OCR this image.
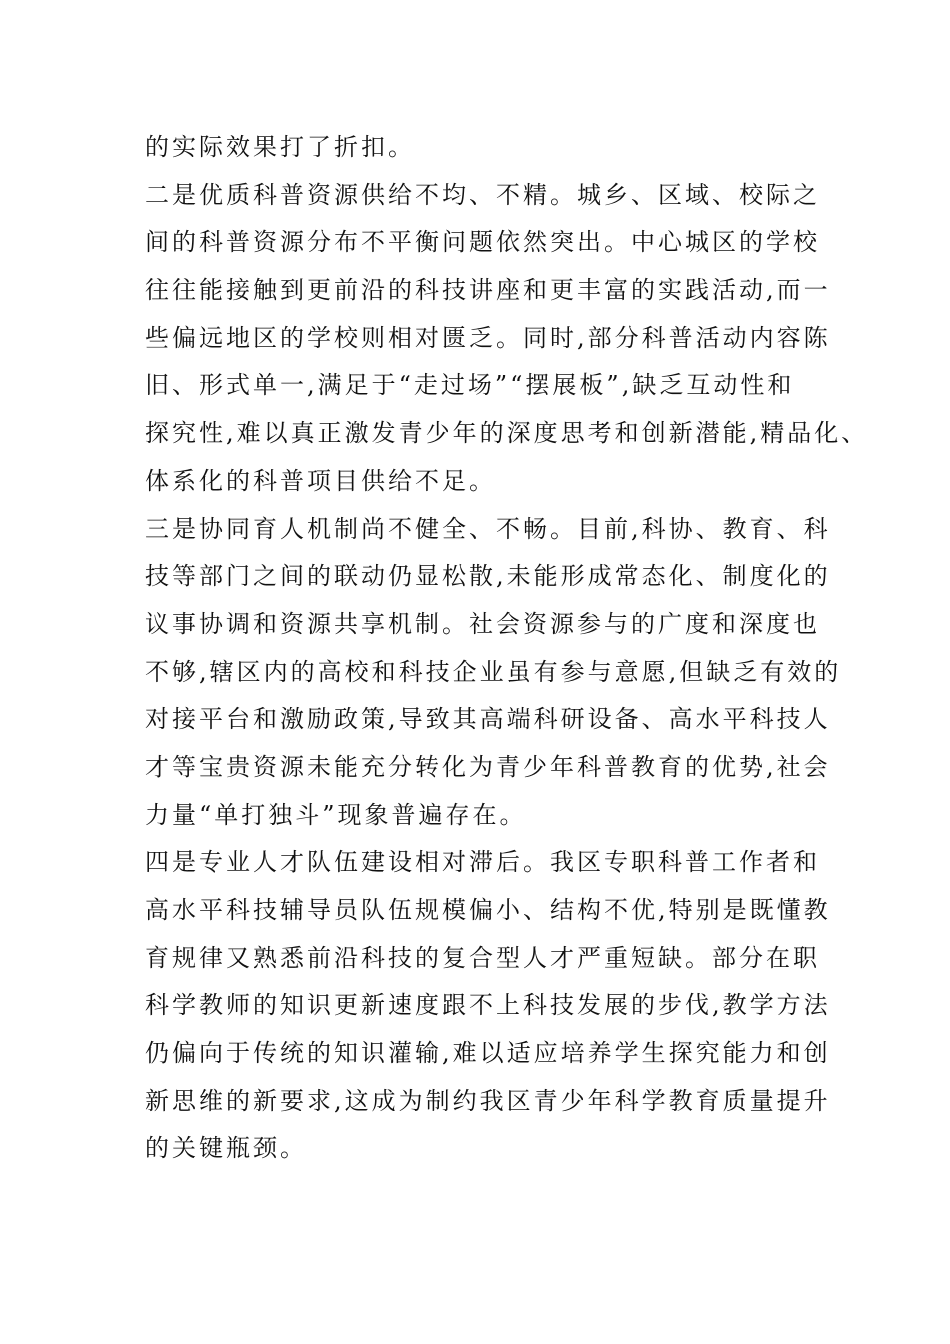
的实际效果打了折扣。
二是优质科普资源供给不均、不精。城乡、区域、校际之
间的科普资源分布不平衡问题依然突出。中心城区的学校
往往能接触到更前沿的科技讲座和更丰富的实践活动,而一
些偏远地区的学校则相对匮乏。同时,部分科普活动内容陈
旧、形式单一,满足于“走过场”“摆展板”,缺乏互动性和
探究性,难以真正激发青少年的深度思考和创新潜能,精品化、
体系化的科普项目供给不足。
三是协同育人机制尚不健全、不畅。目前,科协、教育、科
技等部门之间的联动仍显松散,未能形成常态化、制度化的
议事协调和资源共享机制。社会资源参与的广度和深度也
不够,辖区内的高校和科技企业虽有参与意愿,但缺乏有效的
对接平台和激励政策,导致其高端科研设备、高水平科技人
才等宝贵资源未能充分转化为青少年科普教育的优势,社会
力量“单打独斗”现象普遍存在。
四是专业人才队伍建设相对滞后。我区专职科普工作者和
高水平科技辅导员队伍规模偏小、结构不优,特别是既懂教
育规律又熟悉前沿科技的复合型人才严重短缺。部分在职
科学教师的知识更新速度跟不上科技发展的步伐,教学方法
仍偏向于传统的知识灌输,难以适应培养学生探究能力和创
新思维的新要求,这成为制约我区青少年科学教育质量提升
的关键瓶颈。
